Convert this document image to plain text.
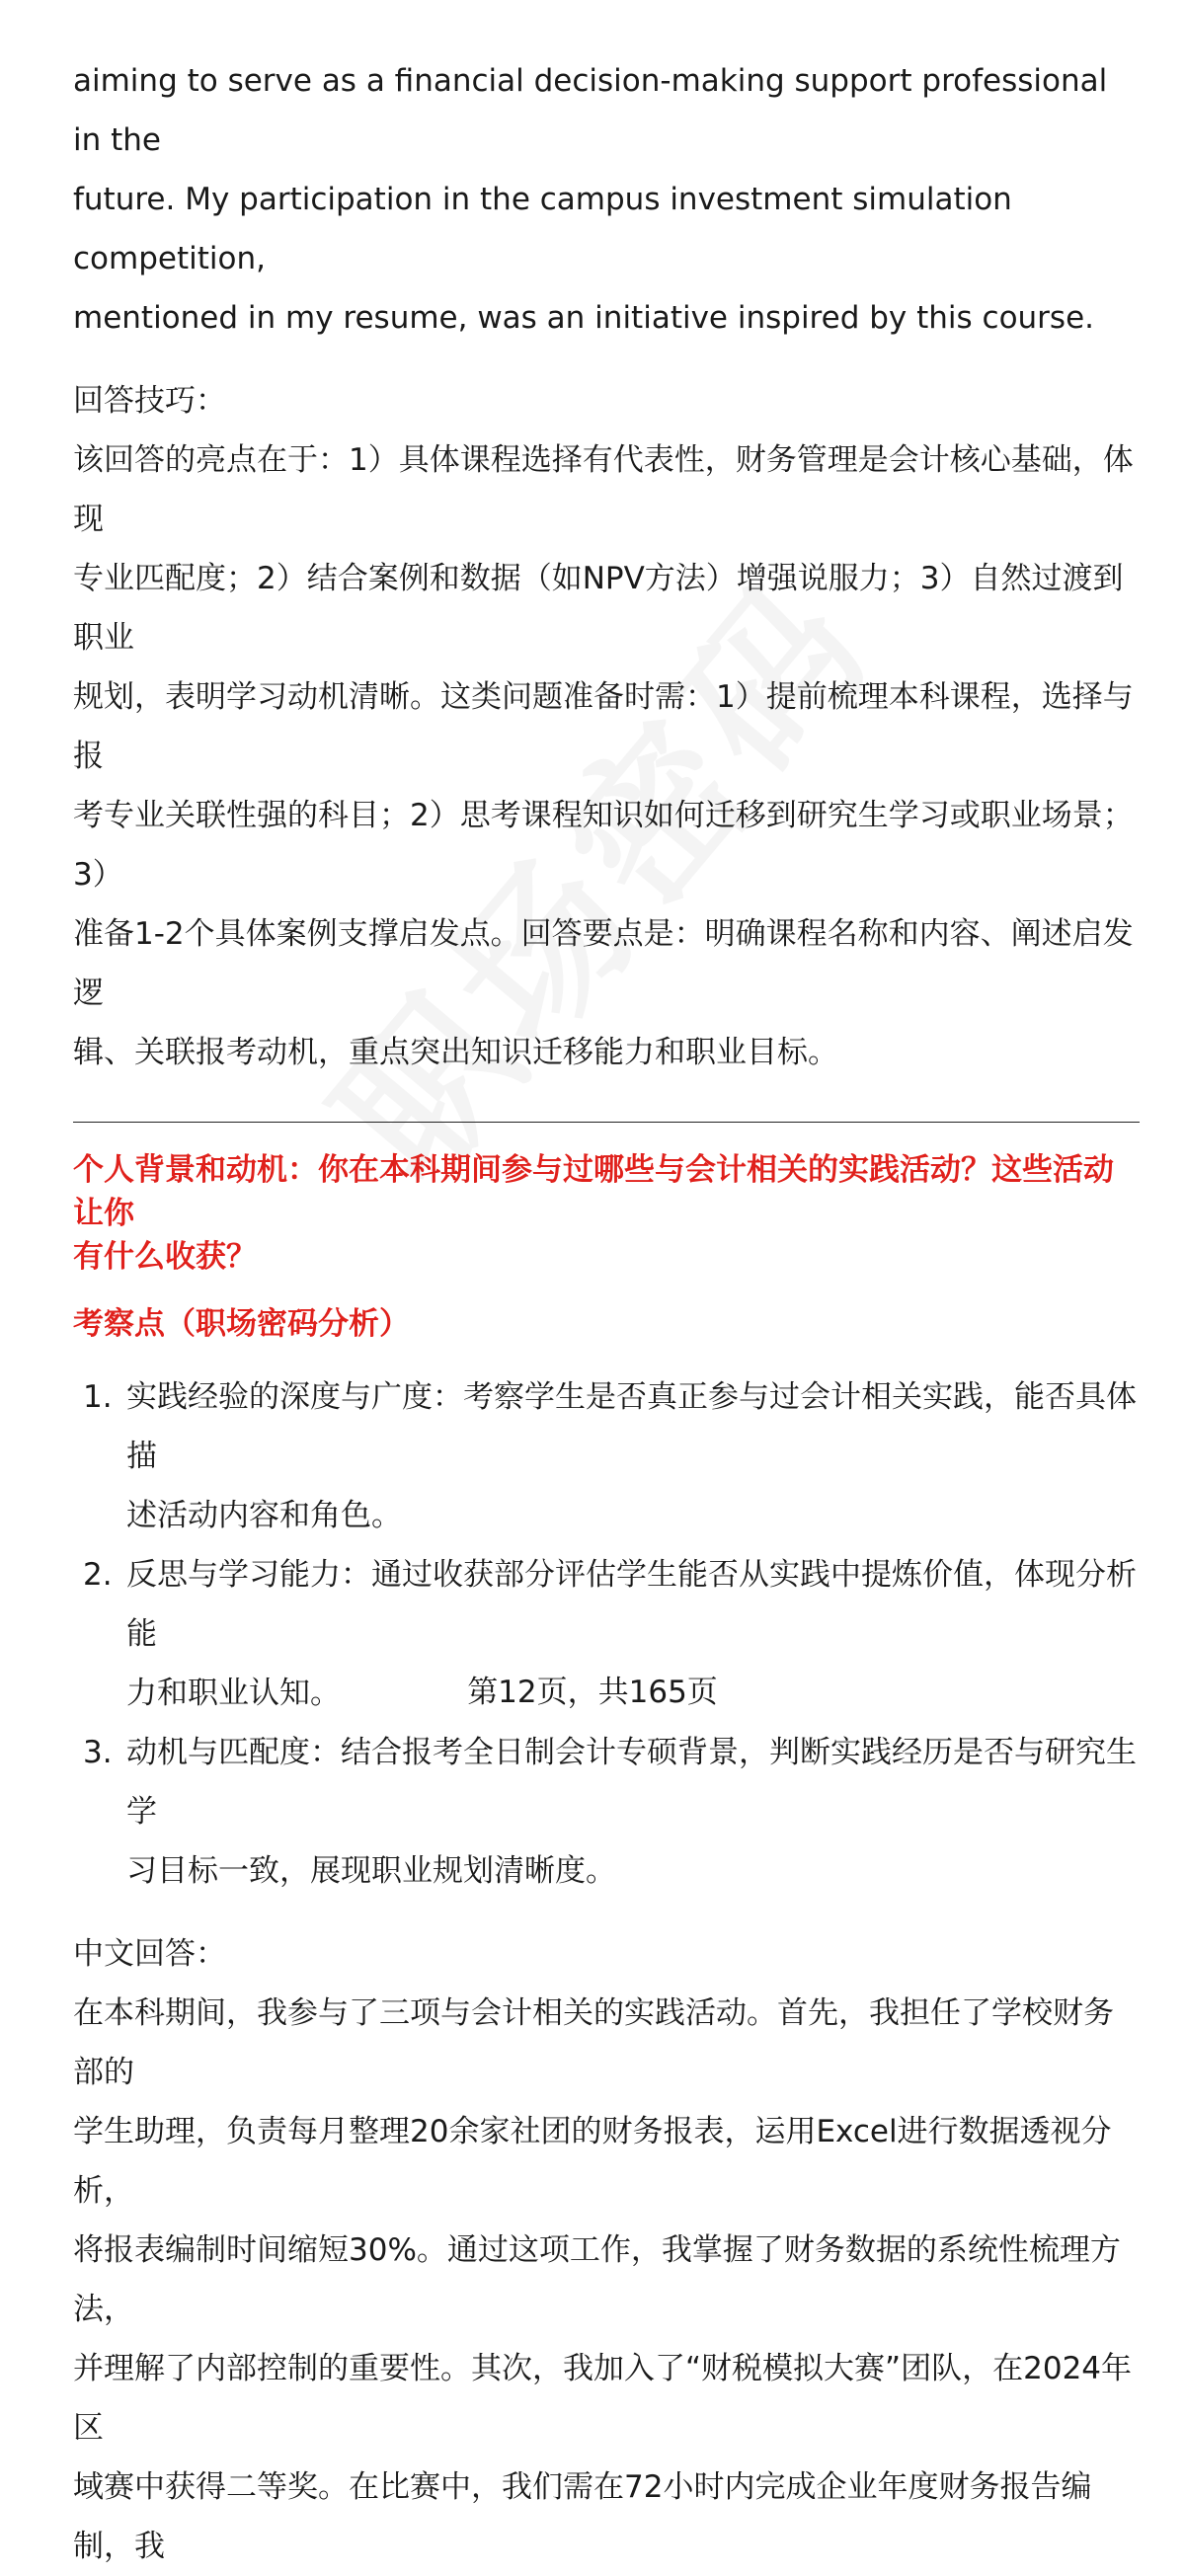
aiming to serve as a financial decision-making support professional in the

future. My participation in the campus investment simulation competition,

mentioned in my resume, was an initiative inspired by this course.

回答技巧：

该回答的亮点在于：1）具体课程选择有代表性，财务管理是会计核心基础，体现

专业匹配度；2）结合案例和数据（如NPV方法）增强说服力；3）自然过渡到职业

规划，表明学习动机清晰。这类问题准备时需：1）提前梳理本科课程，选择与报

考专业关联性强的科目；2）思考课程知识如何迁移到研究生学习或职业场景；3）

准备1-2个具体案例支撑启发点。回答要点是：明确课程名称和内容、阐述启发逻

辑、关联报考动机，重点突出知识迁移能力和职业目标。

个人背景和动机：你在本科期间参与过哪些与会计相关的实践活动？这些活动让你

有什么收获？

考察点（职场密码分析）

1. 实践经验的深度与广度：考察学生是否真正参与过会计相关实践，能否具体描
述活动内容和角色。
2. 反思与学习能力：通过收获部分评估学生能否从实践中提炼价值，体现分析能
力和职业认知。
3. 动机与匹配度：结合报考全日制会计专硕背景，判断实践经历是否与研究生学
习目标一致，展现职业规划清晰度。

中文回答：

在本科期间，我参与了三项与会计相关的实践活动。首先，我担任了学校财务部的

学生助理，负责每月整理20余家社团的财务报表，运用Excel进行数据透视分析，

将报表编制时间缩短30%。通过这项工作，我掌握了财务数据的系统性梳理方法，

并理解了内部控制的重要性。其次，我加入了“财税模拟大赛”团队，在2024年区

域赛中获得二等奖。在比赛中，我们需在72小时内完成企业年度财务报告编制，我

第12页，共165页
